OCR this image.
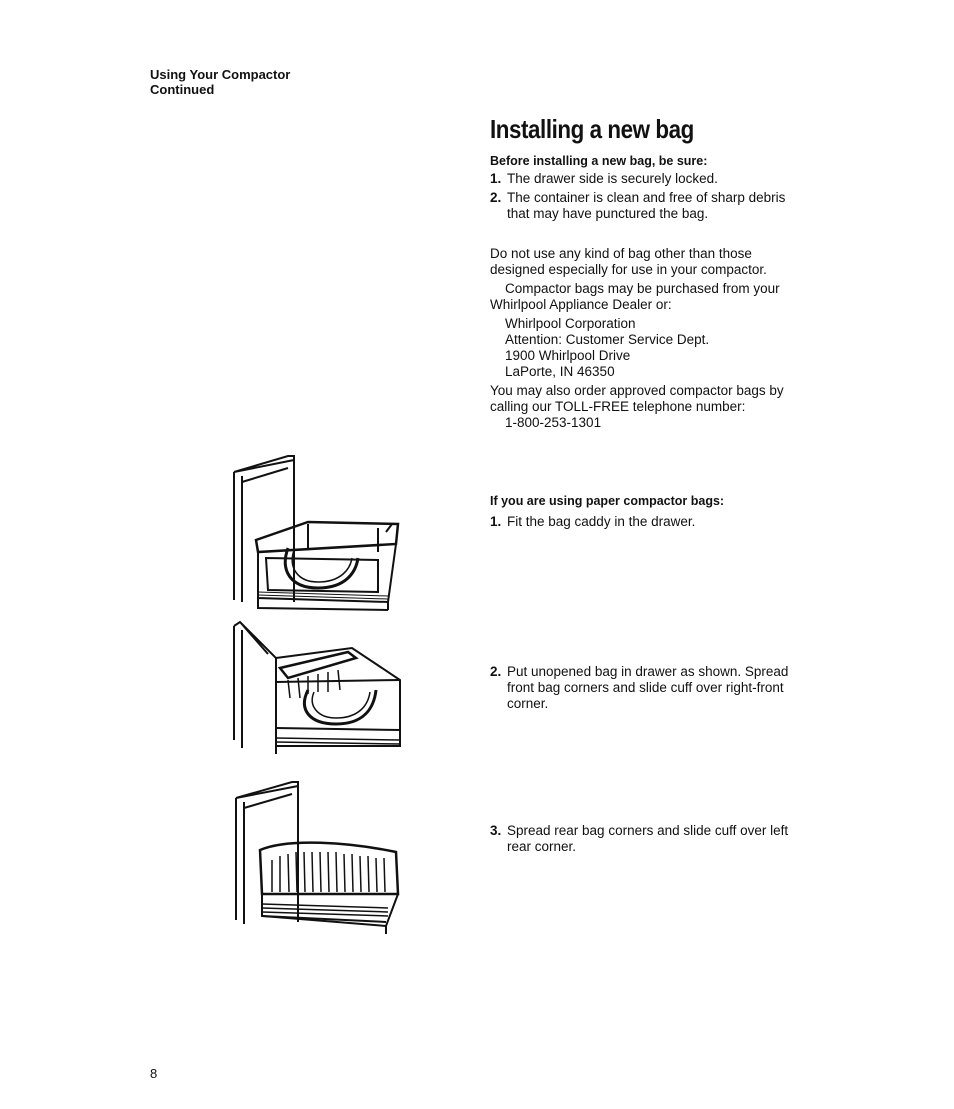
Using Your Compactor
Continued
Installing a new bag
Before installing a new bag, be sure:
1. The drawer side is securely locked.
2. The container is clean and free of sharp debris that may have punctured the bag.
Do not use any kind of bag other than those designed especially for use in your compactor.
Compactor bags may be purchased from your Whirlpool Appliance Dealer or:
Whirlpool Corporation
Attention: Customer Service Dept.
1900 Whirlpool Drive
LaPorte, IN 46350
You may also order approved compactor bags by calling our TOLL-FREE telephone number:
1-800-253-1301
If you are using paper compactor bags:
1. Fit the bag caddy in the drawer.
2. Put unopened bag in drawer as shown. Spread front bag corners and slide cuff over right-front corner.
3. Spread rear bag corners and slide cuff over left rear corner.
8
